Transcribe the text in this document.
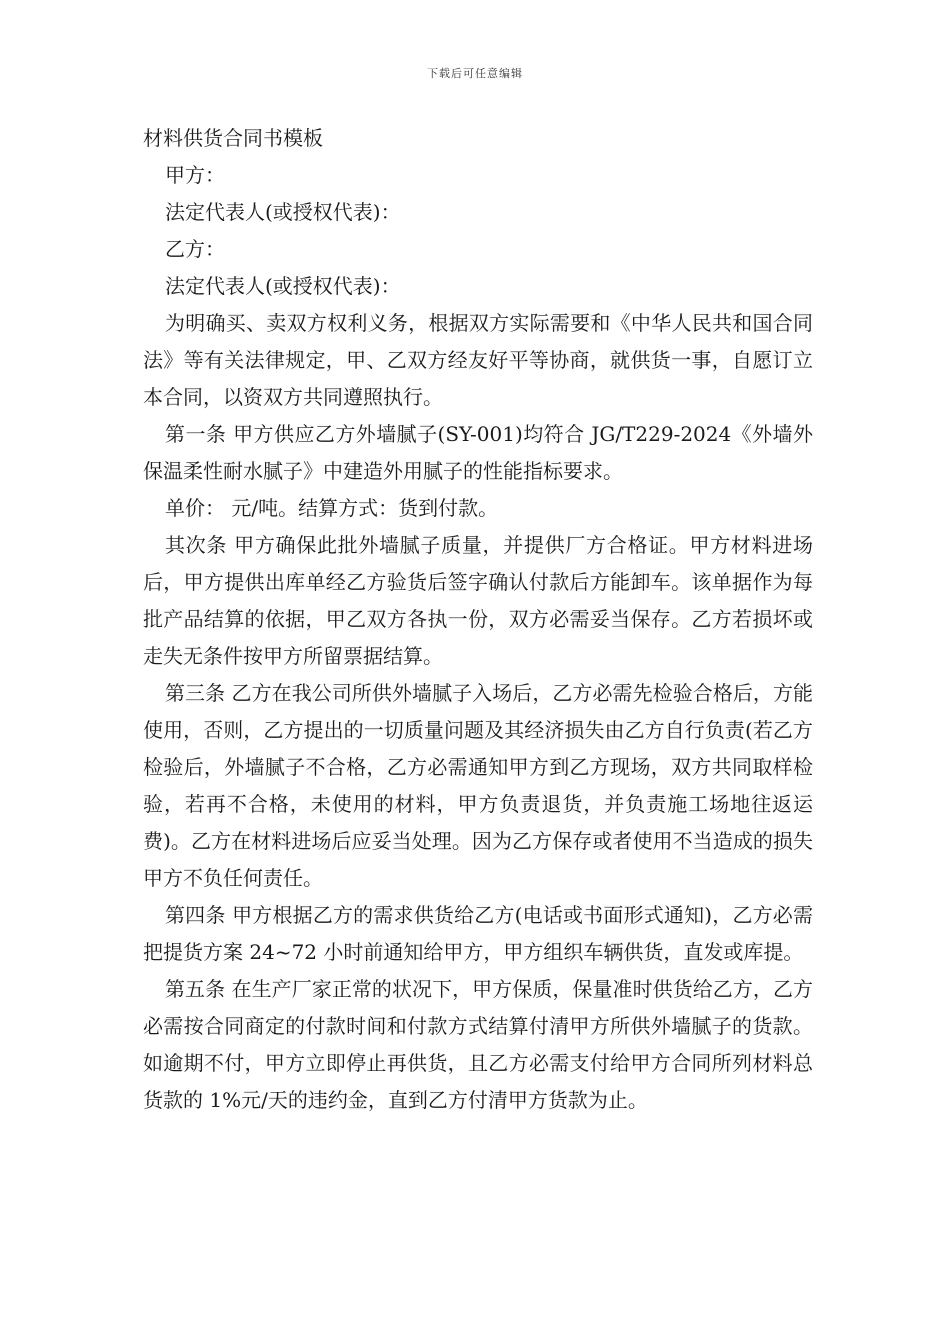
下载后可任意编辑
材料供货合同书模板

甲方：

法定代表人(或授权代表)：

乙方：

法定代表人(或授权代表)：

为明确买、卖双方权利义务，根据双方实际需要和《中华人民共和国合同法》等有关法律规定，甲、乙双方经友好平等协商，就供货一事，自愿订立本合同，以资双方共同遵照执行。

第一条 甲方供应乙方外墙腻子(SY-001)均符合 JG/T229-2024《外墙外保温柔性耐水腻子》中建造外用腻子的性能指标要求。

单价： 元/吨。结算方式：货到付款。

其次条 甲方确保此批外墙腻子质量，并提供厂方合格证。甲方材料进场后，甲方提供出库单经乙方验货后签字确认付款后方能卸车。该单据作为每批产品结算的依据，甲乙双方各执一份，双方必需妥当保存。乙方若损坏或走失无条件按甲方所留票据结算。

第三条 乙方在我公司所供外墙腻子入场后，乙方必需先检验合格后，方能使用，否则，乙方提出的一切质量问题及其经济损失由乙方自行负责(若乙方检验后，外墙腻子不合格，乙方必需通知甲方到乙方现场，双方共同取样检验，若再不合格，未使用的材料，甲方负责退货，并负责施工场地往返运费)。乙方在材料进场后应妥当处理。因为乙方保存或者使用不当造成的损失甲方不负任何责任。

第四条 甲方根据乙方的需求供货给乙方(电话或书面形式通知)，乙方必需把提货方案 24~72 小时前通知给甲方，甲方组织车辆供货，直发或库提。

第五条 在生产厂家正常的状况下，甲方保质，保量准时供货给乙方，乙方必需按合同商定的付款时间和付款方式结算付清甲方所供外墙腻子的货款。如逾期不付，甲方立即停止再供货，且乙方必需支付给甲方合同所列材料总货款的 1%元/天的违约金，直到乙方付清甲方货款为止。
